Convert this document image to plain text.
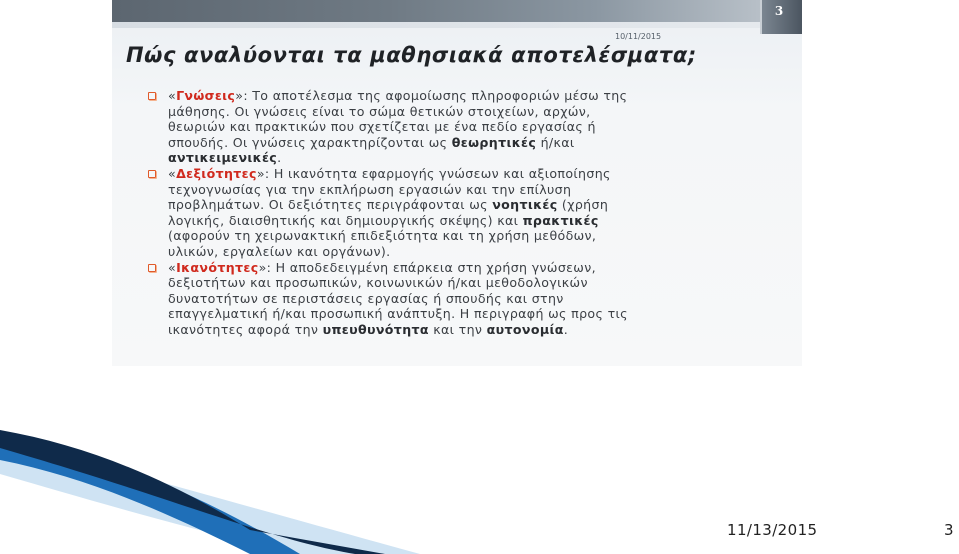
3
10/11/2015
Πώς αναλύονται τα μαθησιακά αποτελέσματα;
«Γνώσεις»: Το αποτέλεσμα της αφομοίωσης πληροφοριών μέσω της
μάθησης. Οι γνώσεις είναι το σώμα θετικών στοιχείων, αρχών,
θεωριών και πρακτικών που σχετίζεται με ένα πεδίο εργασίας ή
σπουδής. Οι γνώσεις χαρακτηρίζονται ως θεωρητικές ή/και
αντικειμενικές.
«Δεξιότητες»: Η ικανότητα εφαρμογής γνώσεων και αξιοποίησης
τεχνογνωσίας για την εκπλήρωση εργασιών και την επίλυση
προβλημάτων. Οι δεξιότητες περιγράφονται ως νοητικές (χρήση
λογικής, διαισθητικής και δημιουργικής σκέψης) και πρακτικές
(αφορούν τη χειρωνακτική επιδεξιότητα και τη χρήση μεθόδων,
υλικών, εργαλείων και οργάνων).
«Ικανότητες»: Η αποδεδειγμένη επάρκεια στη χρήση γνώσεων,
δεξιοτήτων και προσωπικών, κοινωνικών ή/και μεθοδολογικών
δυνατοτήτων σε περιστάσεις εργασίας ή σπουδής και στην
επαγγελματική ή/και προσωπική ανάπτυξη. Η περιγραφή ως προς τις
ικανότητες αφορά την υπευθυνότητα και την αυτονομία.
11/13/2015	3
